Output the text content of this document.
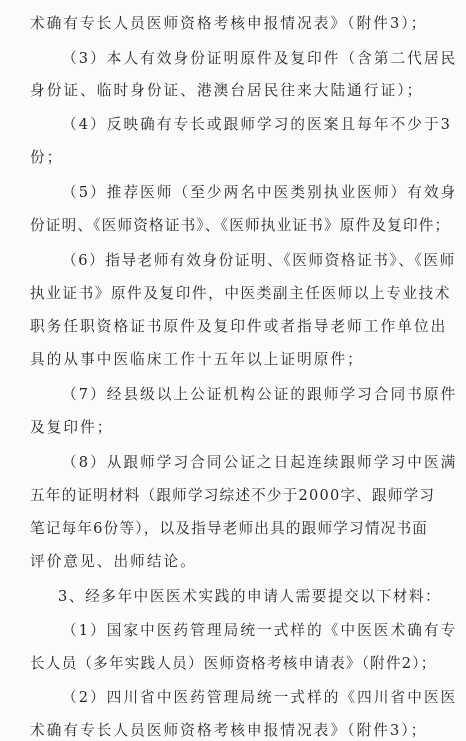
术确有专长人员医师资格考核申报情况表》（附件3）；
（3）本人有效身份证明原件及复印件（含第二代居民
身份证、临时身份证、港澳台居民往来大陆通行证）；
（4）反映确有专长或跟师学习的医案且每年不少于3
份；
（5）推荐医师（至少两名中医类别执业医师）有效身
份证明、《医师资格证书》、《医师执业证书》原件及复印件；
（6）指导老师有效身份证明、《医师资格证书》、《医师
执业证书》原件及复印件，中医类副主任医师以上专业技术
职务任职资格证书原件及复印件或者指导老师工作单位出
具的从事中医临床工作十五年以上证明原件；
（7）经县级以上公证机构公证的跟师学习合同书原件
及复印件；
（8）从跟师学习合同公证之日起连续跟师学习中医满
五年的证明材料（跟师学习综述不少于2000字、跟师学习
笔记每年6份等），以及指导老师出具的跟师学习情况书面
评价意见、出师结论。
3、经多年中医医术实践的申请人需要提交以下材料：
（1）国家中医药管理局统一式样的《中医医术确有专
长人员（多年实践人员）医师资格考核申请表》（附件2）；
（2）四川省中医药管理局统一式样的《四川省中医医
术确有专长人员医师资格考核申报情况表》（附件3）；
